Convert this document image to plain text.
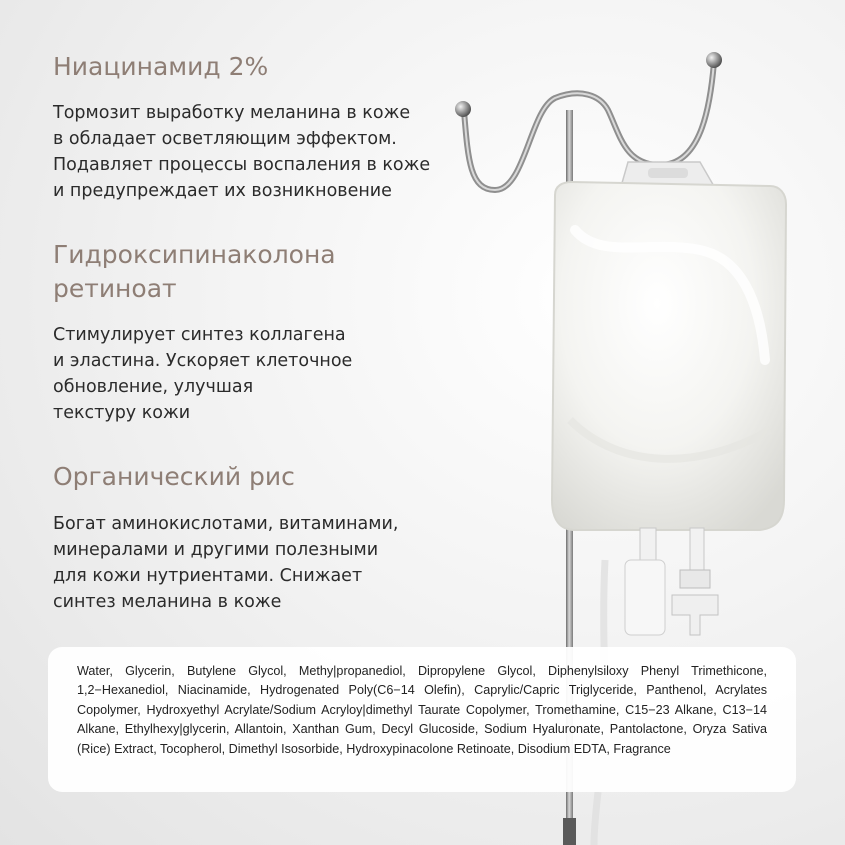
Ниацинамид 2%

Тормозит выработку меланина в коже
в обладает осветляющим эффектом.
Подавляет процессы воспаления в коже
и предупреждает их возникновение

Гидроксипинаколона
ретиноат

Стимулирует синтез коллагена
и эластина. Ускоряет клеточное
обновление, улучшая
текстуру кожи

Органический рис

Богат аминокислотами, витаминами,
минералами и другими полезными
для кожи нутриентами. Снижает
синтез меланина в коже

Water, Glycerin, Butylene Glycol, Methy|propanediol, Dipropylene Glycol, Diphenylsiloxy Phenyl Trimethicone, 1,2−Hexanediol, Niacinamide, Hydrogenated Poly(C6−14 Olefin), Caprylic/Capric Triglyceride, Panthenol, Acrylates Copolymer, Hydroxyethyl Acrylate/Sodium Acryloy|dimethyl Taurate Copolymer, Tromethamine, C15−23 Alkane, C13−14 Alkane, Ethylhexy|glycerin, Allantoin, Xanthan Gum, Decyl Glucoside, Sodium Hyaluronate, Pantolactone, Oryza Sativa (Rice) Extract, Tocopherol, Dimethyl Isosorbide, Hydroxypinacolone Retinoate, Disodium EDTA, Fragrance
